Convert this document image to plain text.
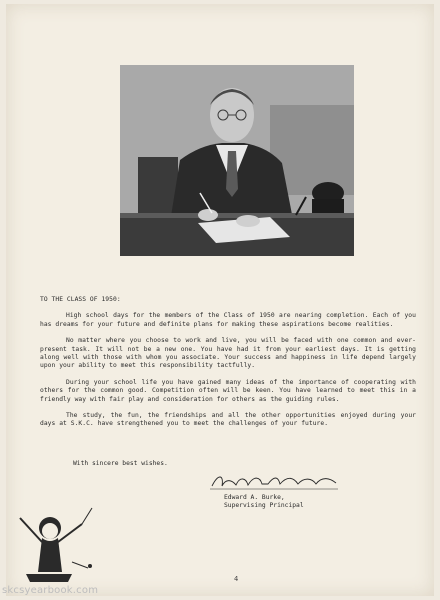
TO THE CLASS OF 1950:

High school days for the members of the Class of 1950 are nearing completion. Each of you has dreams for your future and definite plans for making these aspirations become realities.

No matter where you choose to work and live, you will be faced with one common and ever-present task. It will not be a new one. You have had it from your earliest days. It is getting along well with those with whom you associate. Your success and happiness in life depend largely upon your ability to meet this responsibility tactfully.

During your school life you have gained many ideas of the importance of cooperating with others for the common good. Competition often will be keen. You have learned to meet this in a friendly way with fair play and consideration for others as the guiding rules.

The study, the fun, the friendships and all the other opportunities enjoyed during your days at S.K.C. have strengthened you to meet the challenges of your future.

With sincere best wishes.
Edward A. Burke,
Supervising Principal
4
skcsyearbook.com
